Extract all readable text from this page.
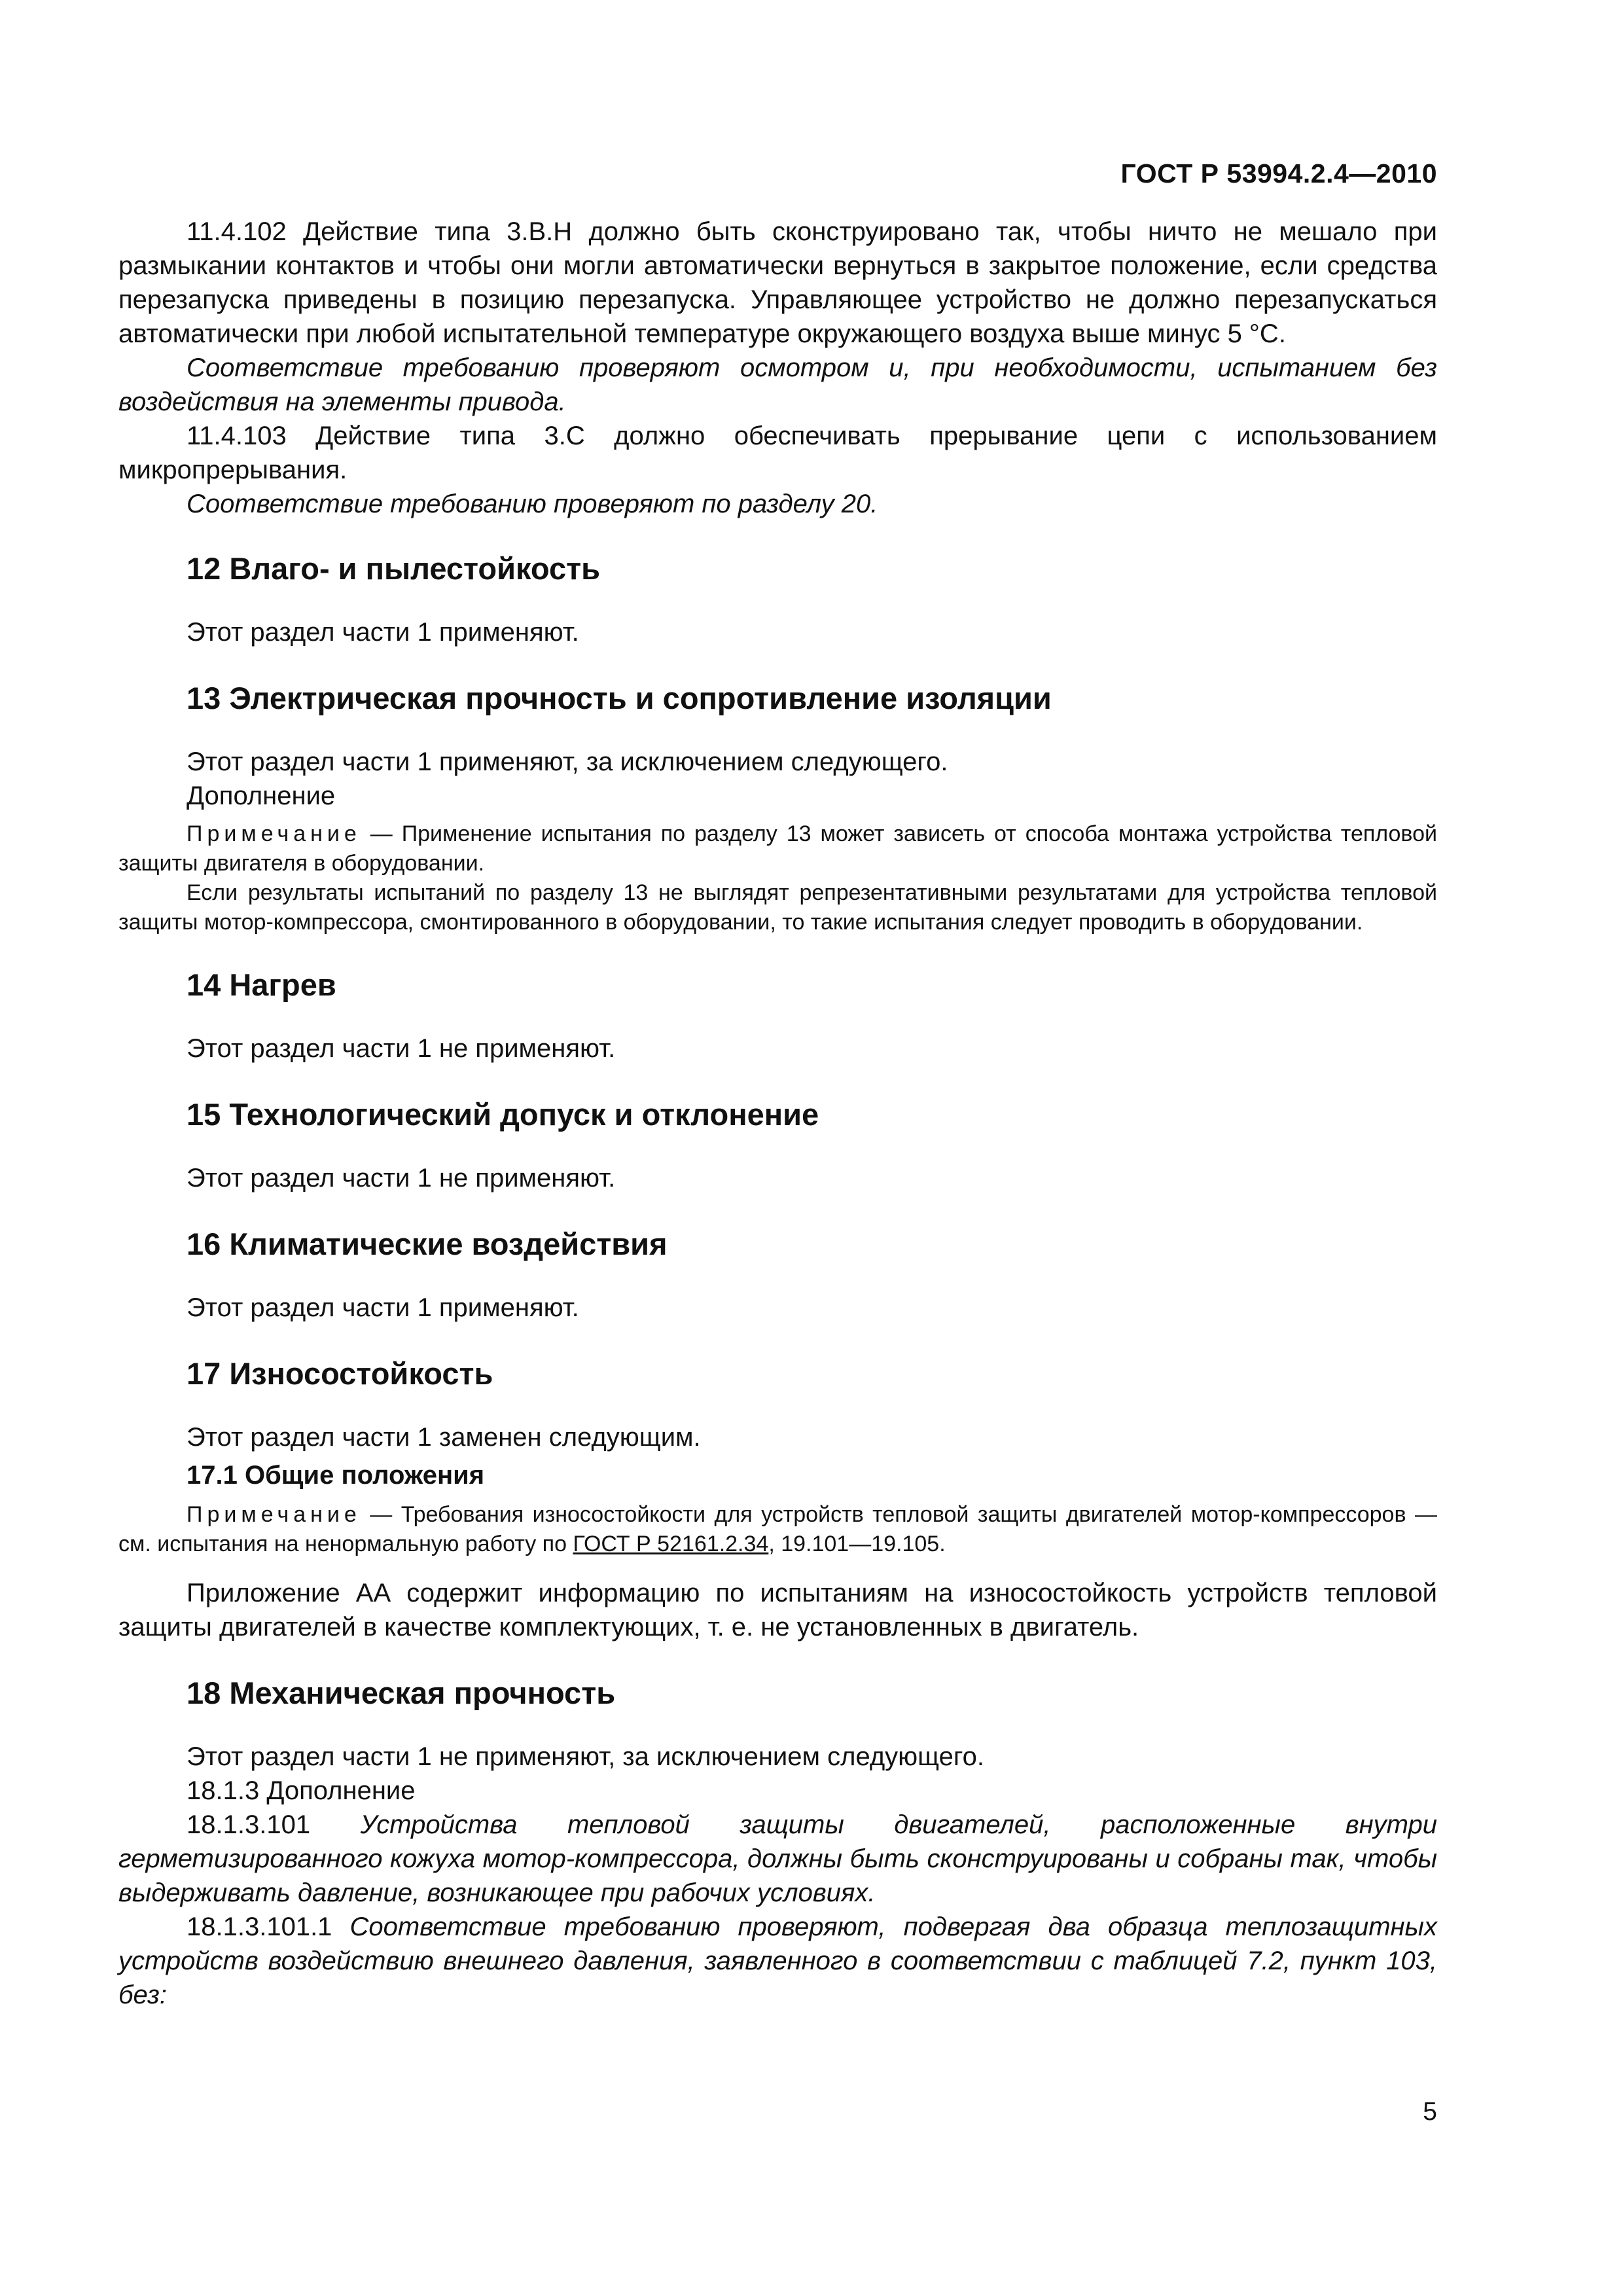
ГОСТ Р 53994.2.4—2010

11.4.102 Действие типа 3.В.Н должно быть сконструировано так, чтобы ничто не мешало при размыкании контактов и чтобы они могли автоматически вернуться в закрытое положение, если средства перезапуска приведены в позицию перезапуска. Управляющее устройство не должно перезапускаться автоматически при любой испытательной температуре окружающего воздуха выше минус 5 °С.

Соответствие требованию проверяют осмотром и, при необходимости, испытанием без воздействия на элементы привода.

11.4.103 Действие типа 3.С должно обеспечивать прерывание цепи с использованием микропрерывания.

Соответствие требованию проверяют по разделу 20.

12 Влаго- и пылестойкость

Этот раздел части 1 применяют.

13 Электрическая прочность и сопротивление изоляции

Этот раздел части 1 применяют, за исключением следующего.

Дополнение

Примечание — Применение испытания по разделу 13 может зависеть от способа монтажа устройства тепловой защиты двигателя в оборудовании.

Если результаты испытаний по разделу 13 не выглядят репрезентативными результатами для устройства тепловой защиты мотор-компрессора, смонтированного в оборудовании, то такие испытания следует проводить в оборудовании.

14 Нагрев

Этот раздел части 1 не применяют.

15 Технологический допуск и отклонение

Этот раздел части 1 не применяют.

16 Климатические воздействия

Этот раздел части 1 применяют.

17 Износостойкость

Этот раздел части 1 заменен следующим.

17.1 Общие положения

Примечание — Требования износостойкости для устройств тепловой защиты двигателей мотор-компрессоров — см. испытания на ненормальную работу по ГОСТ Р 52161.2.34, 19.101—19.105.

Приложение АА содержит информацию по испытаниям на износостойкость устройств тепловой защиты двигателей в качестве комплектующих, т. е. не установленных в двигатель.

18 Механическая прочность

Этот раздел части 1 не применяют, за исключением следующего.

18.1.3 Дополнение

18.1.3.101 Устройства тепловой защиты двигателей, расположенные внутри герметизированного кожуха мотор-компрессора, должны быть сконструированы и собраны так, чтобы выдерживать давление, возникающее при рабочих условиях.

18.1.3.101.1 Соответствие требованию проверяют, подвергая два образца теплозащитных устройств воздействию внешнего давления, заявленного в соответствии с таблицей 7.2, пункт 103, без:

5
